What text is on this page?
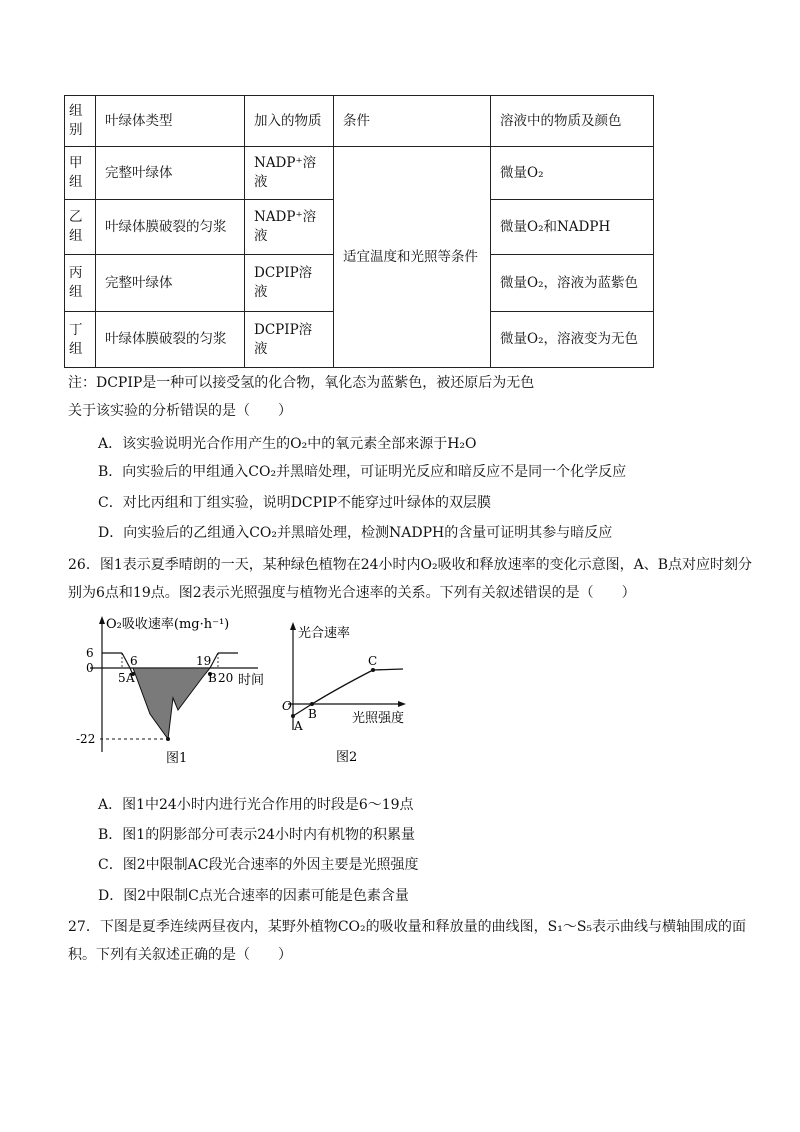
组别	叶绿体类型	加入的物质	条件	溶液中的物质及颜色
甲组	完整叶绿体	NADP⁺溶液	适宜温度和光照等条件	微量O₂
乙组	叶绿体膜破裂的匀浆	NADP⁺溶液		微量O₂和NADPH
丙组	完整叶绿体	DCPIP溶液		微量O₂，溶液为蓝紫色
丁组	叶绿体膜破裂的匀浆	DCPIP溶液		微量O₂，溶液变为无色
注：DCPIP是一种可以接受氢的化合物，氧化态为蓝紫色，被还原后为无色
关于该实验的分析错误的是（　　）
A．该实验说明光合作用产生的O₂中的氧元素全部来源于H₂O
B．向实验后的甲组通入CO₂并黑暗处理，可证明光反应和暗反应不是同一个化学反应
C．对比丙组和丁组实验，说明DCPIP不能穿过叶绿体的双层膜
D．向实验后的乙组通入CO₂并黑暗处理，检测NADPH的含量可证明其参与暗反应
26．图1表示夏季晴朗的一天，某种绿色植物在24小时内O₂吸收和释放速率的变化示意图，A、B点对应时刻分别为6点和19点。图2表示光照强度与植物光合速率的关系。下列有关叙述错误的是（　　）
O₂吸收速率(mg·h⁻¹)
时间
6
0
-22
6	19
5 A	B 20
图1
光合速率
光照强度
O
A
B
C
图2
A．图1中24小时内进行光合作用的时段是6～19点
B．图1的阴影部分可表示24小时内有机物的积累量
C．图2中限制AC段光合速率的外因主要是光照强度
D．图2中限制C点光合速率的因素可能是色素含量
27．下图是夏季连续两昼夜内，某野外植物CO₂的吸收量和释放量的曲线图，S₁～S₅表示曲线与横轴围成的面积。下列有关叙述正确的是（　　）
